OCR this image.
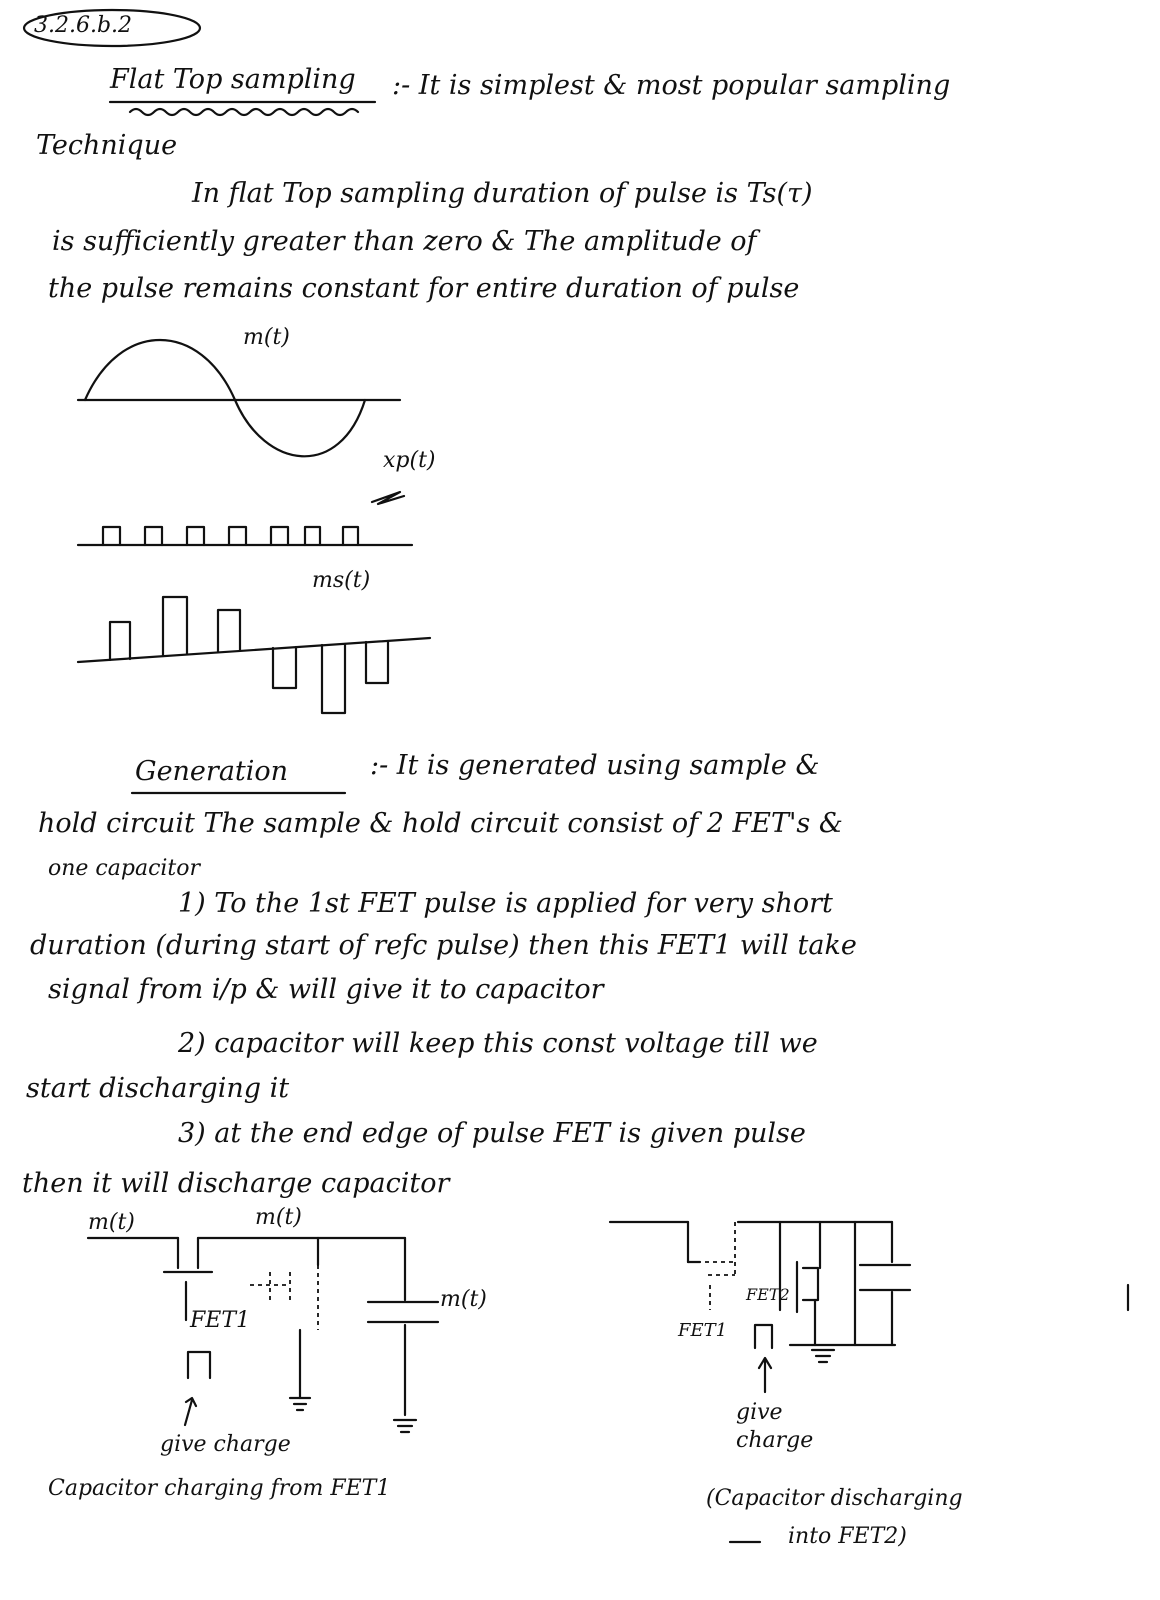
3.2.6.b.2
Flat Top sampling :- It is simplest & most popular sampling
Technique
In flat Top sampling duration of pulse is Ts(τ)
is sufficiently greater than zero & The amplitude of
the pulse remains constant for entire duration of pulse
m(t)
xp(t)
ms(t)
Generation	:- It is generated using sample &
hold circuit The sample & hold circuit consist of 2 FET's &
one capacitor
1) To the 1st FET pulse is applied for very short
duration (during start of refc pulse) then this FET1 will take
signal from i/p & will give it to capacitor
2) capacitor will keep this const voltage till we
start discharging it
3) at the end edge of pulse FET is given pulse
then it will discharge capacitor
m(t)	m(t)
m(t)
FET1
give charge
Capacitor charging from FET1
FET2
FET1
give
charge
(Capacitor discharging
into FET2)
